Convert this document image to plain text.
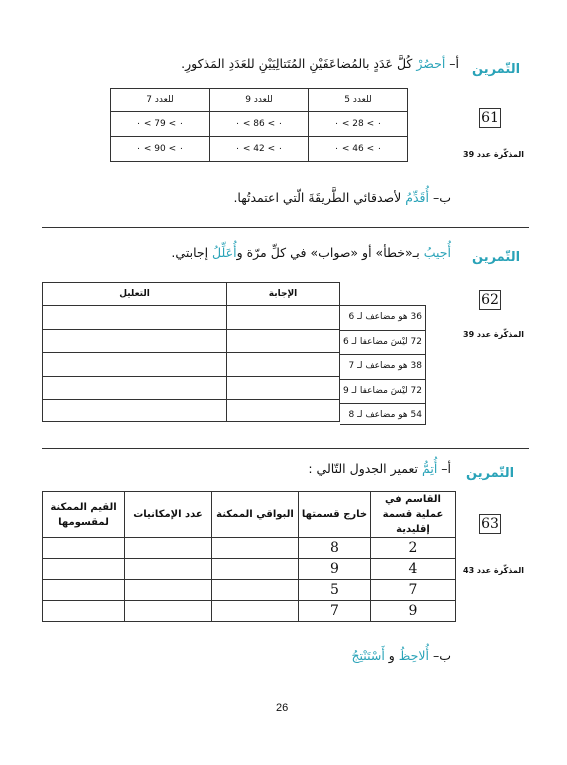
التّمرين
61
المذكّرة عدد 39
أ– أحصُرْ كُلَّ عَدَدٍ بالمُضاعَفَيْنِ المُتَتالِيَيْنِ للعَدَدِ المَذكورِ.
للعدد 5	للعدد 9	للعدد 7
٠ > 28 > ٠	٠ > 86 > ٠	٠ > 79 > ٠
٠ > 46 > ٠	٠ > 42 > ٠	٠ > 90 > ٠
ب– أُقَدِّمُ لأصدقائي الطَّريقَةَ الّتي اعتمدتُها.
التّمرين
62
المذكّرة عدد 39
أُجيبُ بـ«خطأ» أو «صواب» في كلِّ مرّة وأُعَلِّلُ إجابتي.
36 هو مضاعف لـ 6
72 ليْسَ مضاعفا لـ 6
38 هو مضاعف لـ 7
72 ليْسَ مضاعفا لـ 9
54 هو مضاعف لـ 8
الإجابة	التعليل

التّمرين
63
المذكّرة عدد 43
أ– أُتِمُّ تعمير الجدول التّالي :
القاسم في عملية قسمة إقليدية	خارج قسمتها	البواقي الممكنة	عدد الإمكانيات	القيم الممكنة لمقسومها
2	8			
4	9			
7	5			
9	7			
ب– أُلاحِظُ و أَسْتَنْتِجُ
26
